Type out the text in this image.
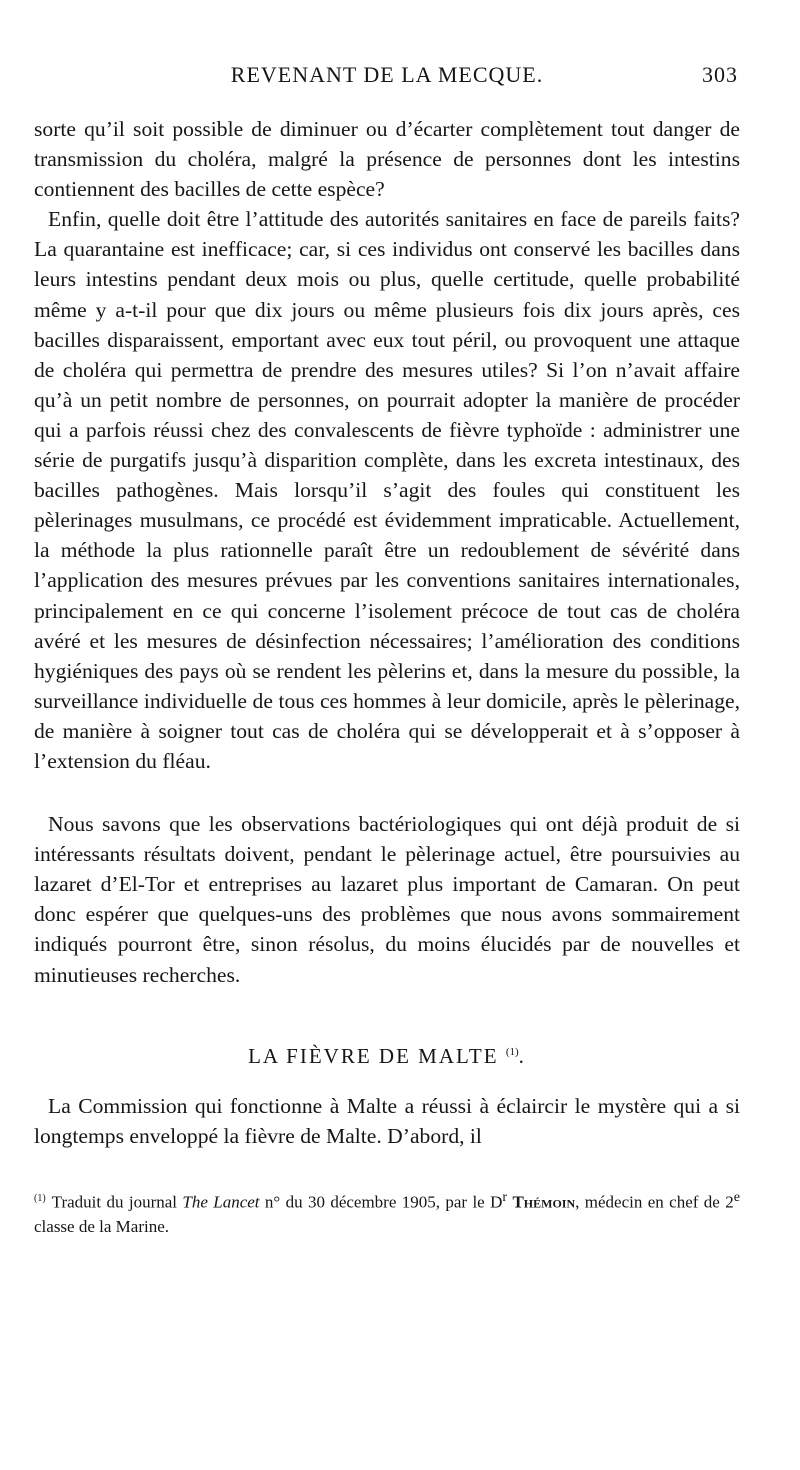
REVENANT DE LA MECQUE.	303

sorte qu’il soit possible de diminuer ou d’écarter complètement tout danger de transmission du choléra, malgré la présence de personnes dont les intestins contiennent des bacilles de cette espèce?

Enfin, quelle doit être l’attitude des autorités sanitaires en face de pareils faits? La quarantaine est inefficace; car, si ces individus ont conservé les bacilles dans leurs intestins pendant deux mois ou plus, quelle certitude, quelle probabilité même y a-t-il pour que dix jours ou même plusieurs fois dix jours après, ces bacilles disparaissent, emportant avec eux tout péril, ou provoquent une attaque de choléra qui permettra de prendre des mesures utiles? Si l’on n’avait affaire qu’à un petit nombre de personnes, on pourrait adopter la manière de procéder qui a parfois réussi chez des convalescents de fièvre typhoïde : administrer une série de purgatifs jusqu’à disparition complète, dans les excreta intestinaux, des bacilles pathogènes. Mais lorsqu’il s’agit des foules qui constituent les pèlerinages musulmans, ce procédé est évidemment impraticable. Actuellement, la méthode la plus rationnelle paraît être un redoublement de sévérité dans l’application des mesures prévues par les conventions sanitaires internationales, principalement en ce qui concerne l’isolement précoce de tout cas de choléra avéré et les mesures de désinfection nécessaires; l’amélioration des conditions hygiéniques des pays où se rendent les pèlerins et, dans la mesure du possible, la surveillance individuelle de tous ces hommes à leur domicile, après le pèlerinage, de manière à soigner tout cas de choléra qui se développerait et à s’opposer à l’extension du fléau.

Nous savons que les observations bactériologiques qui ont déjà produit de si intéressants résultats doivent, pendant le pèlerinage actuel, être poursuivies au lazaret d’El-Tor et entreprises au lazaret plus important de Camaran. On peut donc espérer que quelques-uns des problèmes que nous avons sommairement indiqués pourront être, sinon résolus, du moins élucidés par de nouvelles et minutieuses recherches.

LA FIÈVRE DE MALTE $^{(1)}$.

La Commission qui fonctionne à Malte a réussi à éclaircir le mystère qui a si longtemps enveloppé la fièvre de Malte. D’abord, il

$^{(1)}$ Traduit du journal The Lancet n° du 30 décembre 1905, par le $D^r$ Thémoin, médecin en chef de 2e classe de la Marine.
